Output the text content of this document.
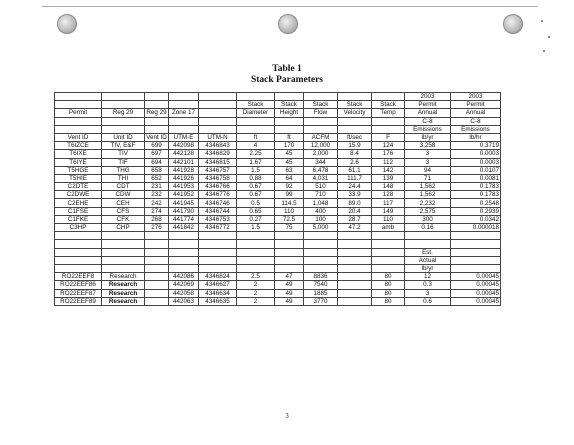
Table 1
Stack Parameters
										2003	2003
					Stack	Stack	Stack	Stack	Stack	Permit	Permit
Permit	Reg 29	Reg 29	Zone 17		Diameter	Height	Flow	Velocity	Temp	Annual	Annual
										C-8	C-8
										Emissions	Emissions
Vent ID	Unit ID	Vent ID	UTM-E	UTM-N	ft	ft	ACFM	ft/sec	F	lb/yr	lb/hr
T6IZCE	TIV, E&F	699	442098	4346843	4	170	12,000	15.9	124	3,258	0.3719
T6IXE	TIV	697	442128	4346829	2.25	45	2,000	8.4	176	3	0.0003
T6IYE	TIF	694	442101	4346815	1.67	45	344	2.6	112	3	0.0003
T5HGE	THG	658	441928	4346757	1.5	63	6,478	61.1	142	94	0.0107
T5HIE	THI	652	441926	4346758	0.88	64	4,031	111.7	139	71	0.0081
C2DTE	CDT	231	441953	4346766	0.67	92	510	24.4	148	1,562	0.1783
C2DWE	CDW	232	441952	4346776	0.67	99	710	33.9	128	1,562	0.1783
C2EHE	CEH	242	441945	4346746	0.5	114.5	1,048	89.0	117	2,232	0.2548
C1FSE	CFS	274	441790	4346744	0.65	110	400	20.4	149	2,575	0.2939
C1FKE	CFK	268	441774	4346753	0.27	72.5	100	28.7	110	300	0.0342
C3HP	CHP	276	441842	4346772	1.5	75	5,000	47.2	amb	0.16	0.000018

										Est.	
										Actual	
										lb/yr	
RO22EEF8	Research		442086	4346824	2.5	47	8836		80	12	0.00045
RO22EEF86	Research		442069	4346627	2	49	7540		80	0.3	0.00045
RO22EEF87	Research		442058	4346634	2	49	1885		80	3	0.00045
RO22EEF89	Research		442063	4346635	2	49	3770		80	0.6	0.00045
3
